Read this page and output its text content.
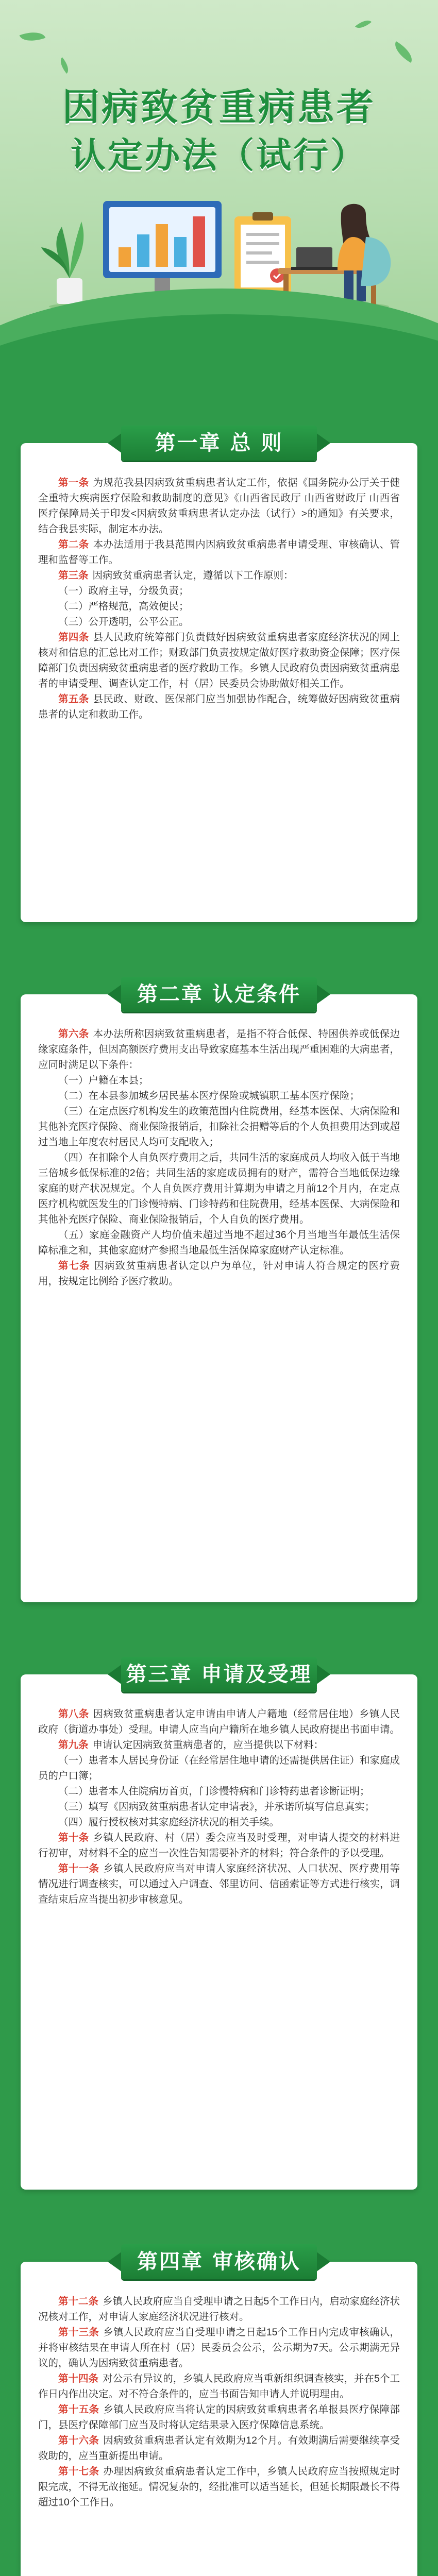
因病致贫重病患者
认定办法（试行）
第一章 总 则

第一条 为规范我县因病致贫重病患者认定工作，依据《国务院办公厅关于健全重特大疾病医疗保险和救助制度的意见》《山西省民政厅 山西省财政厅 山西省医疗保障局关于印发<因病致贫重病患者认定办法（试行）>的通知》有关要求，结合我县实际，制定本办法。

第二条 本办法适用于我县范围内因病致贫重病患者申请受理、审核确认、管理和监督等工作。

第三条 因病致贫重病患者认定，遵循以下工作原则：

（一）政府主导，分级负责；

（二）严格规范，高效便民；

（三）公开透明，公平公正。

第四条 县人民政府统筹部门负责做好因病致贫重病患者家庭经济状况的网上核对和信息的汇总比对工作；财政部门负责按规定做好医疗救助资金保障；医疗保障部门负责因病致贫重病患者的医疗救助工作。乡镇人民政府负责因病致贫重病患者的申请受理、调查认定工作，村（居）民委员会协助做好相关工作。

第五条 县民政、财政、医保部门应当加强协作配合，统筹做好因病致贫重病患者的认定和救助工作。

第二章 认定条件

第六条 本办法所称因病致贫重病患者，是指不符合低保、特困供养或低保边缘家庭条件，但因高额医疗费用支出导致家庭基本生活出现严重困难的大病患者，应同时满足以下条件：

（一）户籍在本县；

（二）在本县参加城乡居民基本医疗保险或城镇职工基本医疗保险；

（三）在定点医疗机构发生的政策范围内住院费用，经基本医保、大病保险和其他补充医疗保险、商业保险报销后，扣除社会捐赠等后的个人负担费用达到或超过当地上年度农村居民人均可支配收入；

（四）在扣除个人自负医疗费用之后，共同生活的家庭成员人均收入低于当地三倍城乡低保标准的2倍；共同生活的家庭成员拥有的财产，需符合当地低保边缘家庭的财产状况规定。个人自负医疗费用计算期为申请之月前12个月内，在定点医疗机构就医发生的门诊慢特病、门诊特药和住院费用，经基本医保、大病保险和其他补充医疗保险、商业保险报销后，个人自负的医疗费用。

（五）家庭金融资产人均价值未超过当地不超过36个月当地当年最低生活保障标准之和，其他家庭财产参照当地最低生活保障家庭财产认定标准。

第七条 因病致贫重病患者认定以户为单位，针对申请人符合规定的医疗费用，按规定比例给予医疗救助。

第三章 申请及受理

第八条 因病致贫重病患者认定申请由申请人户籍地（经常居住地）乡镇人民政府（街道办事处）受理。申请人应当向户籍所在地乡镇人民政府提出书面申请。

第九条 申请认定因病致贫重病患者的，应当提供以下材料：

（一）患者本人居民身份证（在经常居住地申请的还需提供居住证）和家庭成员的户口簿；

（二）患者本人住院病历首页，门诊慢特病和门诊特药患者诊断证明；

（三）填写《因病致贫重病患者认定申请表》，并承诺所填写信息真实；

（四）履行授权核对其家庭经济状况的相关手续。

第十条 乡镇人民政府、村（居）委会应当及时受理，对申请人提交的材料进行初审，对材料不全的应当一次性告知需要补齐的材料；符合条件的予以受理。

第十一条 乡镇人民政府应当对申请人家庭经济状况、人口状况、医疗费用等情况进行调查核实，可以通过入户调查、邻里访问、信函索证等方式进行核实，调查结束后应当提出初步审核意见。

第四章 审核确认

第十二条 乡镇人民政府应当自受理申请之日起5个工作日内，启动家庭经济状况核对工作，对申请人家庭经济状况进行核对。

第十三条 乡镇人民政府应当自受理申请之日起15个工作日内完成审核确认，并将审核结果在申请人所在村（居）民委员会公示，公示期为7天。公示期满无异议的，确认为因病致贫重病患者。

第十四条 对公示有异议的，乡镇人民政府应当重新组织调查核实，并在5个工作日内作出决定。对不符合条件的，应当书面告知申请人并说明理由。

第十五条 乡镇人民政府应当将认定的因病致贫重病患者名单报县医疗保障部门，县医疗保障部门应当及时将认定结果录入医疗保障信息系统。

第十六条 因病致贫重病患者认定有效期为12个月。有效期满后需要继续享受救助的，应当重新提出申请。

第十七条 办理因病致贫重病患者认定工作中，乡镇人民政府应当按照规定时限完成，不得无故拖延。情况复杂的，经批准可以适当延长，但延长期限最长不得超过10个工作日。
